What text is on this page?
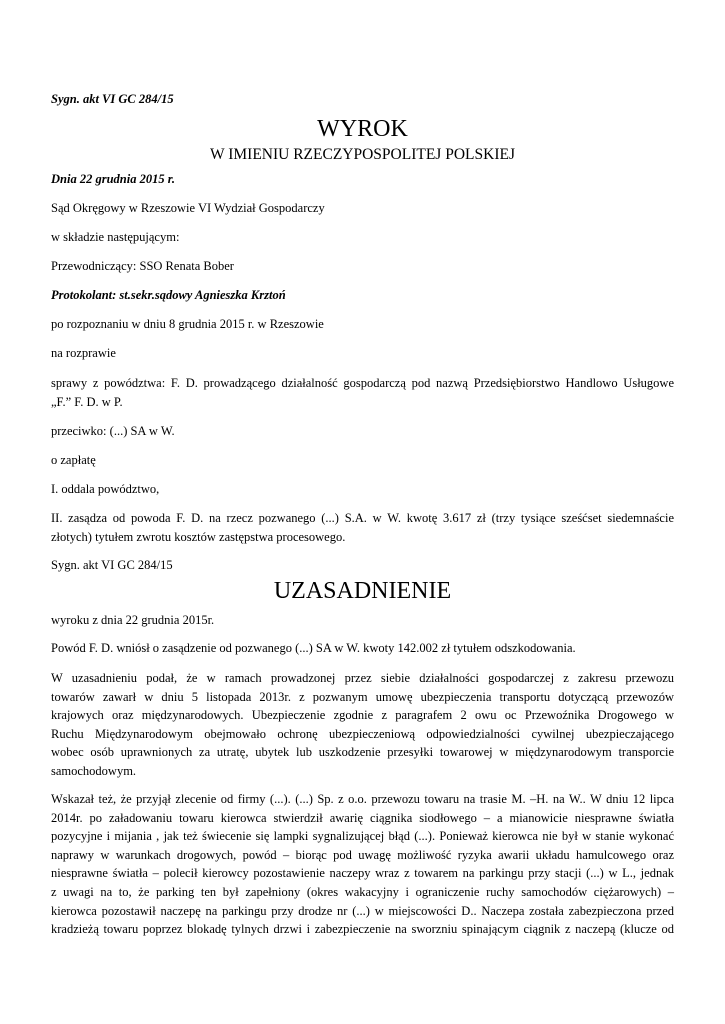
Sygn. akt VI GC 284/15
WYROK
W IMIENIU RZECZYPOSPOLITEJ POLSKIEJ
Dnia 22 grudnia 2015 r.
Sąd Okręgowy w Rzeszowie VI Wydział Gospodarczy
w składzie następującym:
Przewodniczący: SSO Renata Bober
Protokolant: st.sekr.sądowy Agnieszka Krztoń
po rozpoznaniu w dniu 8 grudnia 2015 r. w Rzeszowie
na rozprawie
sprawy z powództwa: F. D. prowadzącego działalność gospodarczą pod nazwą Przedsiębiorstwo Handlowo Usługowe
„F.” F. D. w P.
przeciwko: (...) SA w W.
o zapłatę
I. oddala powództwo,
II. zasądza od powoda F. D. na rzecz pozwanego (...) S.A. w W. kwotę 3.617 zł (trzy tysiące sześćset siedemnaście
złotych) tytułem zwrotu kosztów zastępstwa procesowego.
Sygn. akt VI GC 284/15
UZASADNIENIE
wyroku z dnia 22 grudnia 2015r.
Powód F. D. wniósł o zasądzenie od pozwanego (...) SA w W. kwoty 142.002 zł tytułem odszkodowania.
W uzasadnieniu podał, że w ramach prowadzonej przez siebie działalności gospodarczej z zakresu przewozu
towarów zawarł w dniu 5 listopada 2013r. z pozwanym umowę ubezpieczenia transportu dotyczącą przewozów
krajowych oraz międzynarodowych. Ubezpieczenie zgodnie z paragrafem 2 owu oc Przewoźnika Drogowego w
Ruchu Międzynarodowym obejmowało ochronę ubezpieczeniową odpowiedzialności cywilnej ubezpieczającego
wobec osób uprawnionych za utratę, ubytek lub uszkodzenie przesyłki towarowej w międzynarodowym transporcie
samochodowym.
Wskazał też, że przyjął zlecenie od firmy (...). (...) Sp. z o.o. przewozu towaru na trasie M. –H. na W.. W dniu 12 lipca
2014r. po załadowaniu towaru kierowca stwierdził awarię ciągnika siodłowego – a mianowicie niesprawne światła
pozycyjne i mijania , jak też świecenie się lampki sygnalizującej błąd (...). Ponieważ kierowca nie był w stanie wykonać
naprawy w warunkach drogowych, powód – biorąc pod uwagę możliwość ryzyka awarii układu hamulcowego oraz
niesprawne światła – polecił kierowcy pozostawienie naczepy wraz z towarem na parkingu przy stacji (...) w L., jednak
z uwagi na to, że parking ten był zapełniony (okres wakacyjny i ograniczenie ruchy samochodów ciężarowych) –
kierowca pozostawił naczepę na parkingu przy drodze nr (...) w miejscowości D.. Naczepa została zabezpieczona przed
kradzieżą towaru poprzez blokadę tylnych drzwi i zabezpieczenie na sworzniu spinającym ciągnik z naczepą (klucze od
